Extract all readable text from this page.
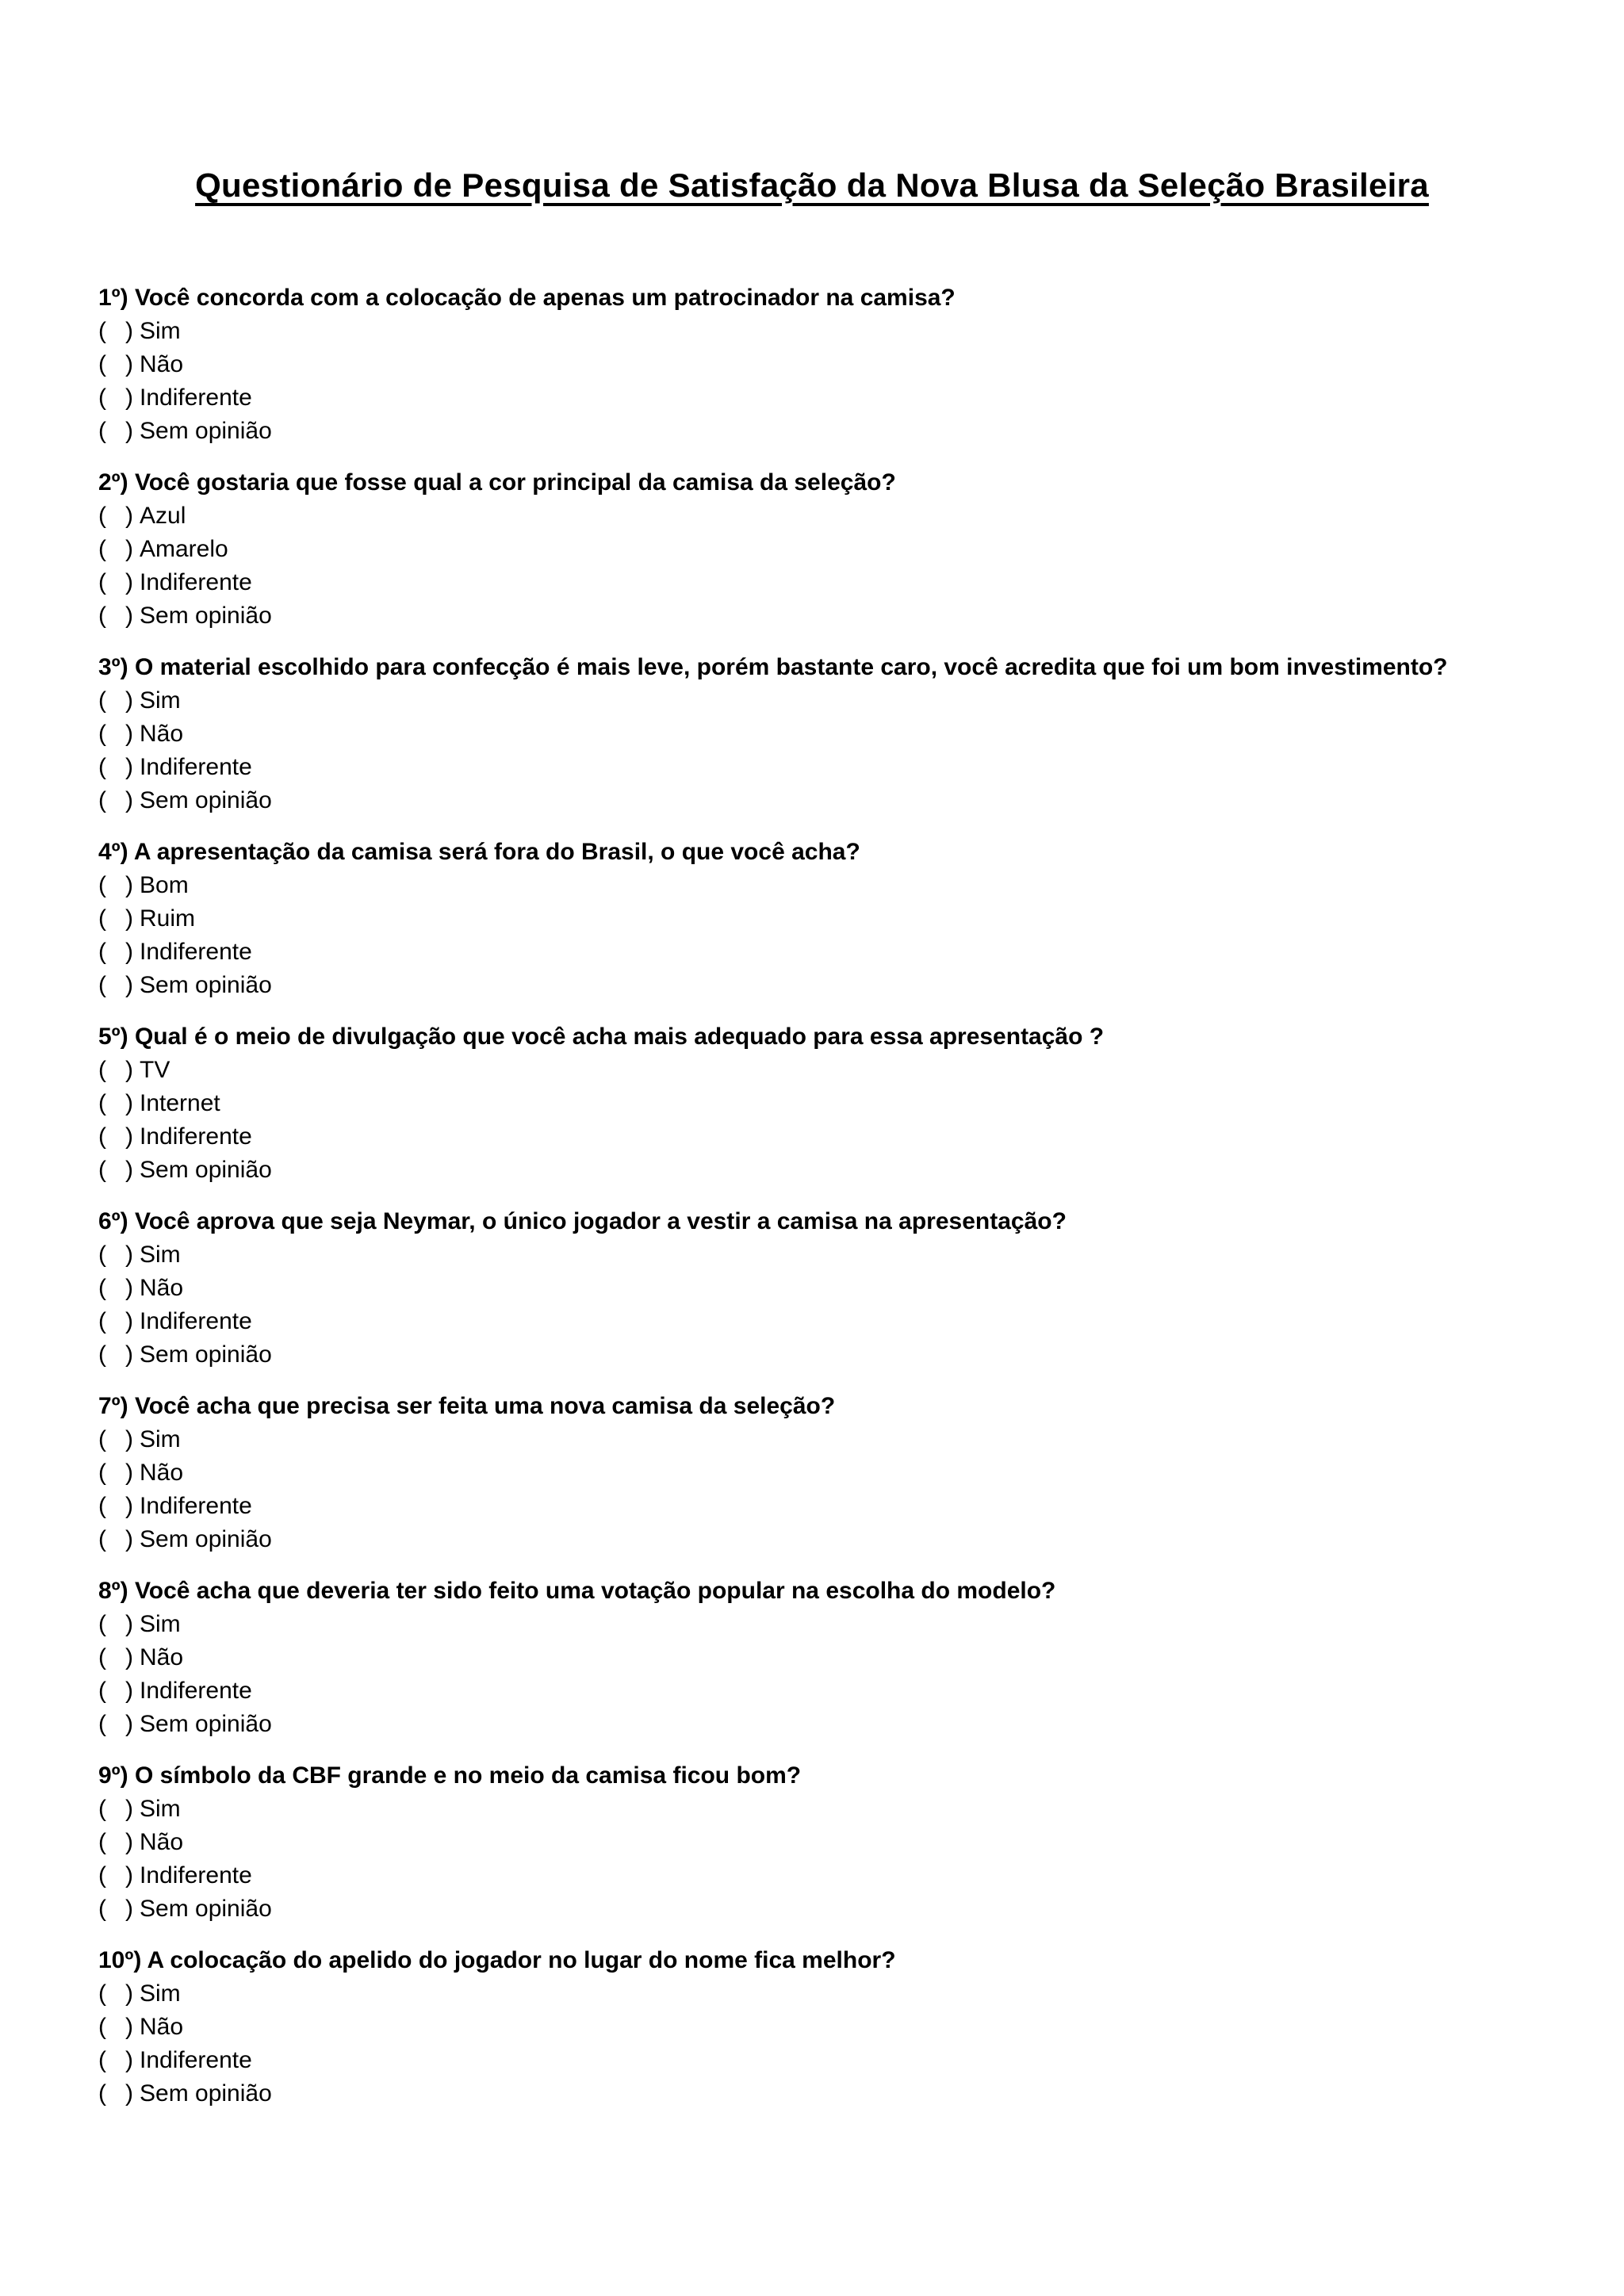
Questionário de Pesquisa de Satisfação da Nova Blusa da Seleção Brasileira
1º) Você concorda com a colocação de apenas um patrocinador na camisa?
( ) Sim
( ) Não
( ) Indiferente
( ) Sem opinião
2º) Você gostaria que fosse qual a cor principal da camisa da seleção?
( ) Azul
( ) Amarelo
( ) Indiferente
( ) Sem opinião
3º) O material escolhido para confecção é mais leve, porém bastante caro, você acredita que foi um bom investimento?
( ) Sim
( ) Não
( ) Indiferente
( ) Sem opinião
4º) A apresentação da camisa será fora do Brasil, o que você acha?
( ) Bom
( ) Ruim
( ) Indiferente
( ) Sem opinião
5º) Qual é o meio de divulgação que você acha mais adequado para essa apresentação ?
( ) TV
( ) Internet
( ) Indiferente
( ) Sem opinião
6º) Você aprova que seja Neymar, o único jogador a vestir a camisa na apresentação?
( ) Sim
( ) Não
( ) Indiferente
( ) Sem opinião
7º) Você acha que precisa ser feita uma nova camisa da seleção?
( ) Sim
( ) Não
( ) Indiferente
( ) Sem opinião
8º) Você acha que deveria ter sido feito uma votação popular na escolha do modelo?
( ) Sim
( ) Não
( ) Indiferente
( ) Sem opinião
9º) O símbolo da CBF grande e no meio da camisa ficou bom?
( ) Sim
( ) Não
( ) Indiferente
( ) Sem opinião
10º) A colocação do apelido do jogador no lugar do nome fica melhor?
( ) Sim
( ) Não
( ) Indiferente
( ) Sem opinião
